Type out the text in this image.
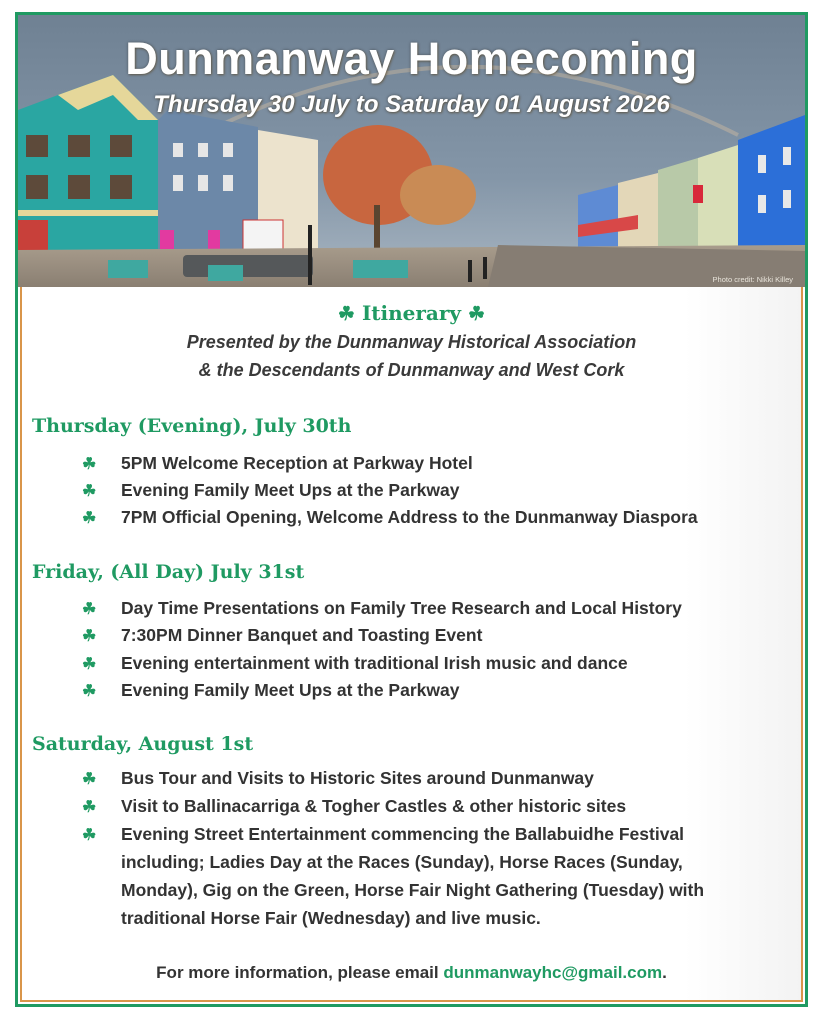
Dunmanway Homecoming
Thursday 30 July to Saturday 01 August 2026
Photo credit: Nikki Killey
☘ Itinerary ☘
Presented by the Dunmanway Historical Association
& the Descendants of Dunmanway and West Cork
Thursday (Evening), July 30th
☘ 5PM Welcome Reception at Parkway Hotel
☘ Evening Family Meet Ups at the Parkway
☘ 7PM Official Opening, Welcome Address to the Dunmanway Diaspora
Friday, (All Day) July 31st
☘ Day Time Presentations on Family Tree Research and Local History
☘ 7:30PM Dinner Banquet and Toasting Event
☘ Evening entertainment with traditional Irish music and dance
☘ Evening Family Meet Ups at the Parkway
Saturday, August 1st
☘ Bus Tour and Visits to Historic Sites around Dunmanway
☘ Visit to Ballinacarriga & Togher Castles & other historic sites
☘ Evening Street Entertainment commencing the Ballabuidhe Festival
including; Ladies Day at the Races (Sunday), Horse Races (Sunday,
Monday), Gig on the Green, Horse Fair Night Gathering (Tuesday) with
traditional Horse Fair (Wednesday) and live music.
For more information, please email dunmanwayhc@gmail.com.
